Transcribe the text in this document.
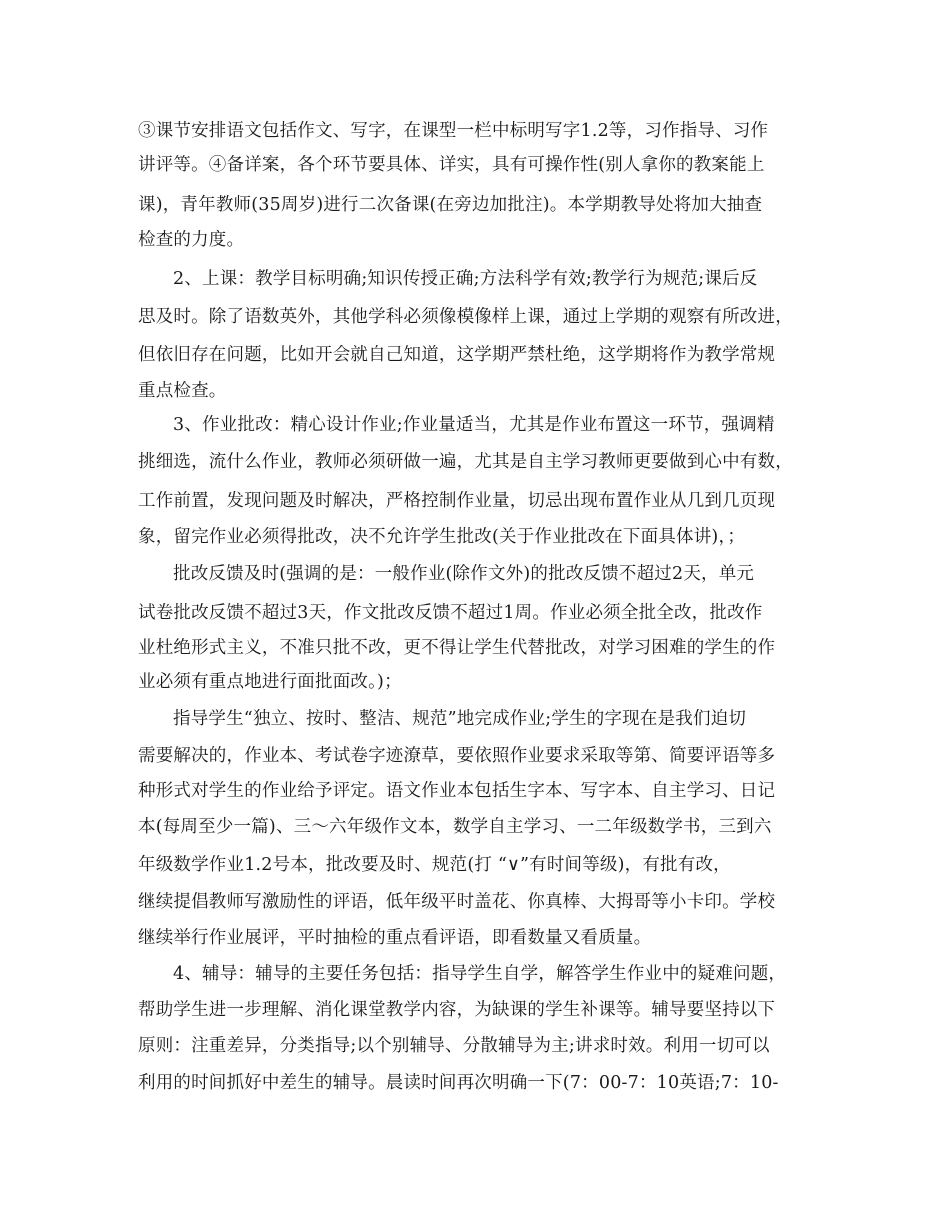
③课节安排语文包括作文、写字，在课型一栏中标明写字1.2等，习作指导、习作
讲评等。④备详案，各个环节要具体、详实，具有可操作性(别人拿你的教案能上
课)，青年教师(35周岁)进行二次备课(在旁边加批注)。本学期教导处将加大抽查
检查的力度。
2、上课：教学目标明确;知识传授正确;方法科学有效;教学行为规范;课后反
思及时。除了语数英外，其他学科必须像模像样上课，通过上学期的观察有所改进，
但依旧存在问题，比如开会就自己知道，这学期严禁杜绝，这学期将作为教学常规
重点检查。
3、作业批改：精心设计作业;作业量适当，尤其是作业布置这一环节，强调精
挑细选，流什么作业，教师必须研做一遍，尤其是自主学习教师更要做到心中有数，
工作前置，发现问题及时解决，严格控制作业量，切忌出现布置作业从几到几页现
象，留完作业必须得批改，决不允许学生批改(关于作业批改在下面具体讲)，；
批改反馈及时(强调的是：一般作业(除作文外)的批改反馈不超过2天，单元
试卷批改反馈不超过3天，作文批改反馈不超过1周。作业必须全批全改，批改作
业杜绝形式主义，不准只批不改，更不得让学生代替批改，对学习困难的学生的作
业必须有重点地进行面批面改。)；
指导学生“独立、按时、整洁、规范”地完成作业;学生的字现在是我们迫切
需要解决的，作业本、考试卷字迹潦草，要依照作业要求采取等第、简要评语等多
种形式对学生的作业给予评定。语文作业本包括生字本、写字本、自主学习、日记
本(每周至少一篇)、三～六年级作文本，数学自主学习、一二年级数学书，三到六
年级数学作业1.2号本，批改要及时、规范(打 “∨”有时间等级)，有批有改，
继续提倡教师写激励性的评语，低年级平时盖花、你真棒、大拇哥等小卡印。学校
继续举行作业展评，平时抽检的重点看评语，即看数量又看质量。
4、辅导：辅导的主要任务包括：指导学生自学，解答学生作业中的疑难问题，
帮助学生进一步理解、消化课堂教学内容，为缺课的学生补课等。辅导要坚持以下
原则：注重差异，分类指导;以个别辅导、分散辅导为主;讲求时效。利用一切可以
利用的时间抓好中差生的辅导。晨读时间再次明确一下(7：00-7：10英语;7：10-
